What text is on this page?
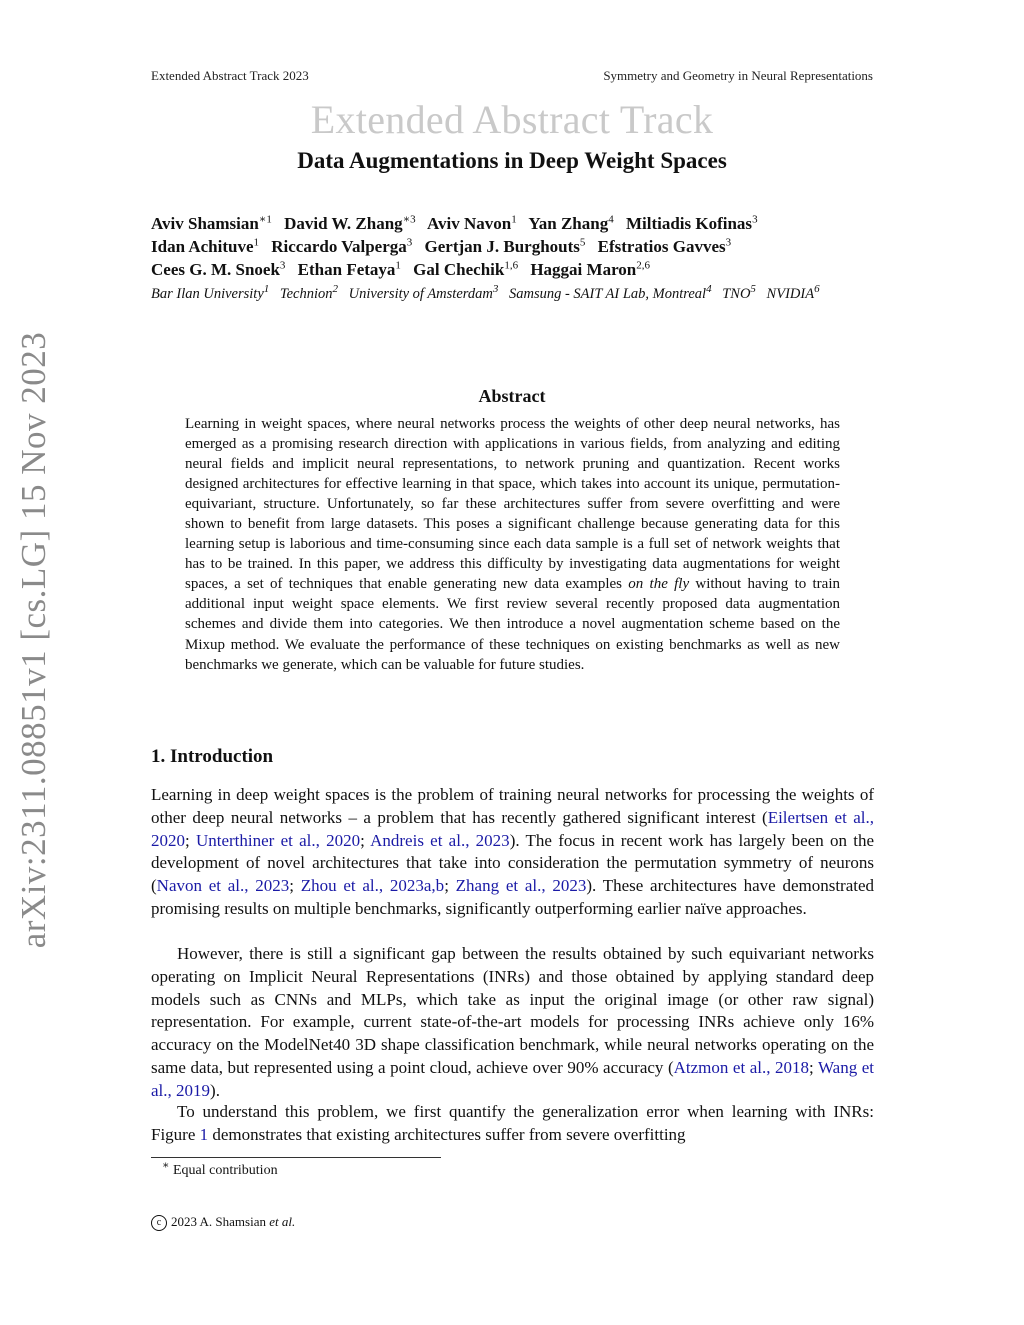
Extended Abstract Track 2023	Symmetry and Geometry in Neural Representations
Extended Abstract Track
Data Augmentations in Deep Weight Spaces
Aviv Shamsian$^{∗1}$ David W. Zhang$^{∗3}$ Aviv Navon$^1$ Yan Zhang$^4$ Miltiadis Kofinas$^3$
Idan Achituve$^1$ Riccardo Valperga$^3$ Gertjan J. Burghouts$^5$ Efstratios Gavves$^3$
Cees G. M. Snoek$^3$ Ethan Fetaya$^1$ Gal Chechik$^{1,6}$ Haggai Maron$^{2,6}$
Bar Ilan University$^1$ Technion$^2$ University of Amsterdam$^3$ Samsung - SAIT AI Lab, Montreal$^4$ TNO$^5$ NVIDIA$^6$
arXiv:2311.08851v1 [cs.LG] 15 Nov 2023	Abstract
Learning in weight spaces, where neural networks process the weights of other deep neural networks, has emerged as a promising research direction with applications in various fields, from analyzing and editing neural fields and implicit neural representations, to network pruning and quantization. Recent works designed architectures for effective learning in that space, which takes into account its unique, permutation-equivariant, structure. Unfortunately, so far these architectures suffer from severe overfitting and were shown to benefit from large datasets. This poses a significant challenge because generating data for this learning setup is laborious and time-consuming since each data sample is a full set of network weights that has to be trained. In this paper, we address this difficulty by investigating data augmentations for weight spaces, a set of techniques that enable generating new data examples on the fly without having to train additional input weight space elements. We first review several recently proposed data augmentation schemes and divide them into categories. We then introduce a novel augmentation scheme based on the Mixup method. We evaluate the performance of these techniques on existing benchmarks as well as new benchmarks we generate, which can be valuable for future studies.
1. Introduction
Learning in deep weight spaces is the problem of training neural networks for processing the weights of other deep neural networks – a problem that has recently gathered significant interest (Eilertsen et al., 2020; Unterthiner et al., 2020; Andreis et al., 2023). The focus in recent work has largely been on the development of novel architectures that take into consideration the permutation symmetry of neurons (Navon et al., 2023; Zhou et al., 2023a,b; Zhang et al., 2023). These architectures have demonstrated promising results on multiple benchmarks, significantly outperforming earlier naïve approaches.
However, there is still a significant gap between the results obtained by such equivariant networks operating on Implicit Neural Representations (INRs) and those obtained by applying standard deep models such as CNNs and MLPs, which take as input the original image (or other raw signal) representation. For example, current state-of-the-art models for processing INRs achieve only 16% accuracy on the ModelNet40 3D shape classification benchmark, while neural networks operating on the same data, but represented using a point cloud, achieve over 90% accuracy (Atzmon et al., 2018; Wang et al., 2019).
To understand this problem, we first quantify the generalization error when learning with INRs: Figure 1 demonstrates that existing architectures suffer from severe overfitting
∗ Equal contribution
c2023 A. Shamsian et al.
